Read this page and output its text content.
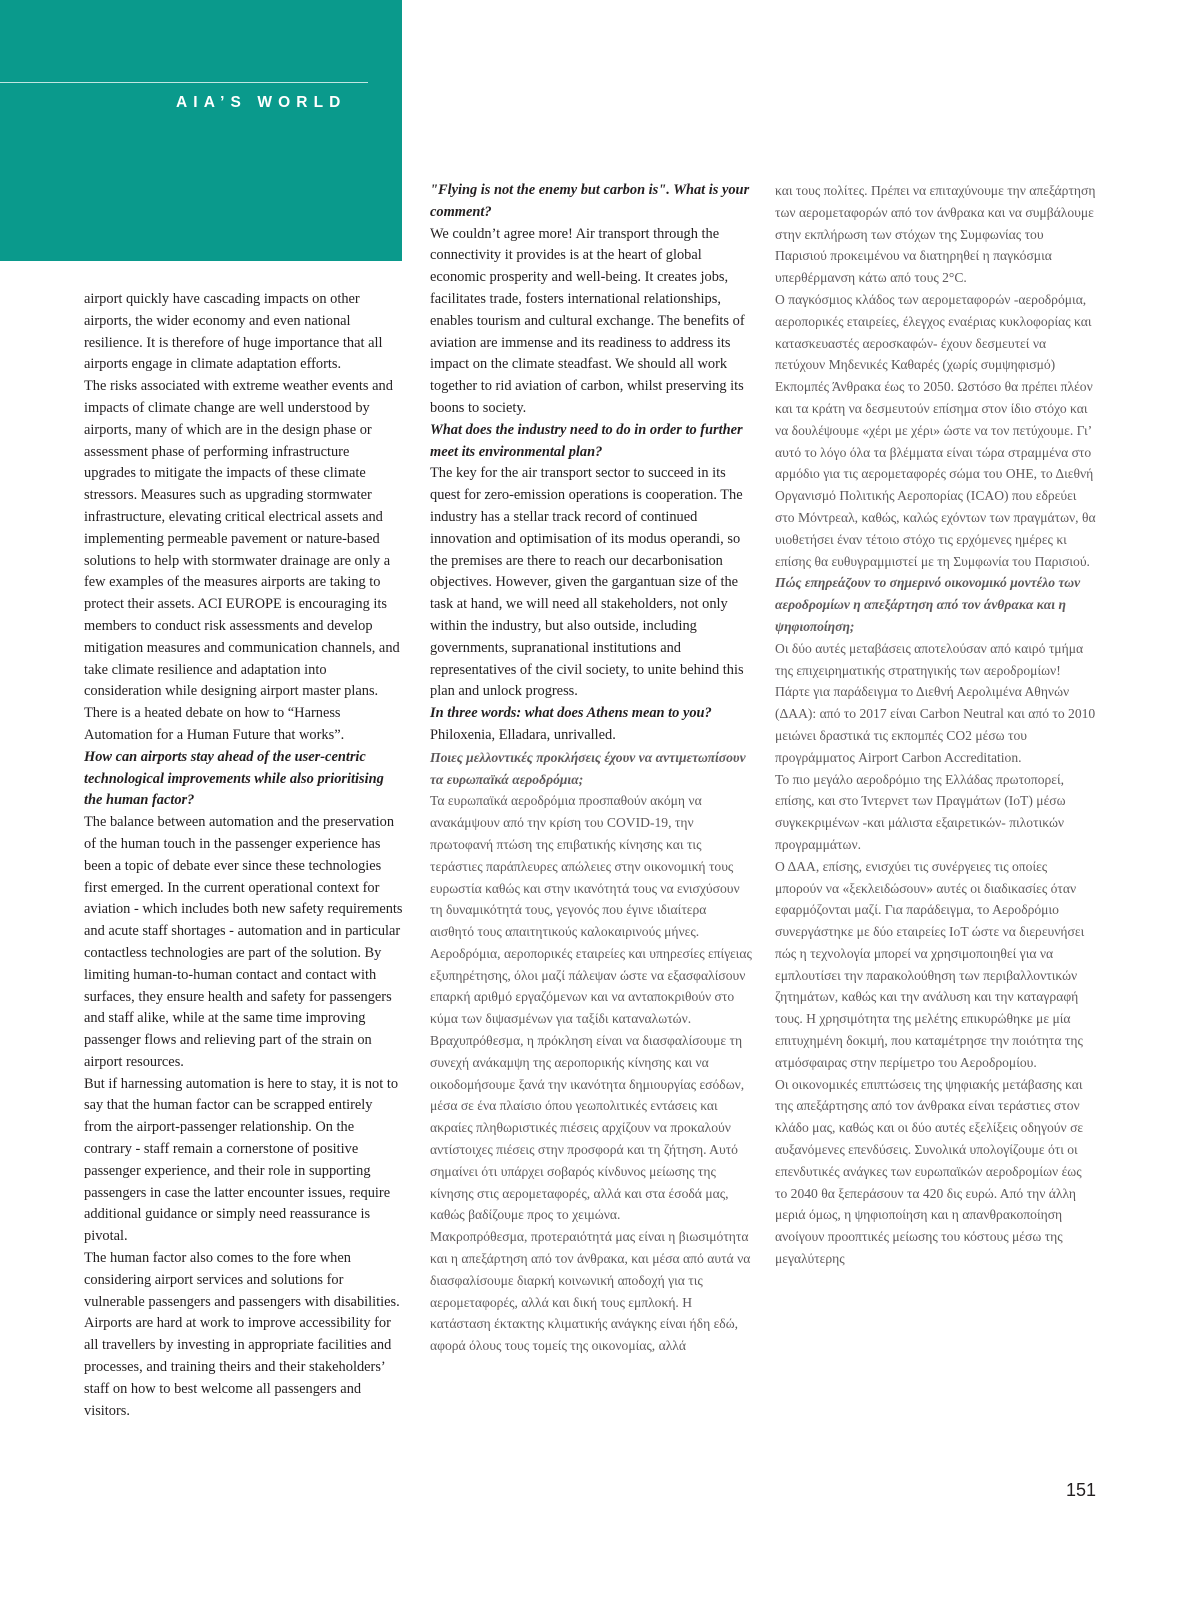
AIA’S WORLD

airport quickly have cascading impacts on other airports, the wider economy and even national resilience. It is therefore of huge importance that all airports engage in climate adaptation efforts.

The risks associated with extreme weather events and impacts of climate change are well understood by airports, many of which are in the design phase or assessment phase of performing infrastructure upgrades to mitigate the impacts of these climate stressors. Measures such as upgrading stormwater infrastructure, elevating critical electrical assets and implementing permeable pavement or nature-based solutions to help with stormwater drainage are only a few examples of the measures airports are taking to protect their assets. ACI EUROPE is encouraging its members to conduct risk assessments and develop mitigation measures and communication channels, and take climate resilience and adaptation into consideration while designing airport master plans.

There is a heated debate on how to “Harness Automation for a Human Future that works”.

How can airports stay ahead of the user-centric technological improvements while also prioritising the human factor?

The balance between automation and the preservation of the human touch in the passenger experience has been a topic of debate ever since these technologies first emerged. In the current operational context for aviation - which includes both new safety requirements and acute staff shortages - automation and in particular contactless technologies are part of the solution. By limiting human-to-human contact and contact with surfaces, they ensure health and safety for passengers and staff alike, while at the same time improving passenger flows and relieving part of the strain on airport resources.

But if harnessing automation is here to stay, it is not to say that the human factor can be scrapped entirely from the airport-passenger relationship. On the contrary - staff remain a cornerstone of positive passenger experience, and their role in supporting passengers in case the latter encounter issues, require additional guidance or simply need reassurance is pivotal.

The human factor also comes to the fore when considering airport services and solutions for vulnerable passengers and passengers with disabilities. Airports are hard at work to improve accessibility for all travellers by investing in appropriate facilities and processes, and training theirs and their stakeholders’ staff on how to best welcome all passengers and visitors.

"Flying is not the enemy but carbon is". What is your comment?

We couldn’t agree more! Air transport through the connectivity it provides is at the heart of global economic prosperity and well-being. It creates jobs, facilitates trade, fosters international relationships, enables tourism and cultural exchange. The benefits of aviation are immense and its readiness to address its impact on the climate steadfast. We should all work together to rid aviation of carbon, whilst preserving its boons to society.

What does the industry need to do in order to further meet its environmental plan?

The key for the air transport sector to succeed in its quest for zero-emission operations is cooperation. The industry has a stellar track record of continued innovation and optimisation of its modus operandi, so the premises are there to reach our decarbonisation objectives. However, given the gargantuan size of the task at hand, we will need all stakeholders, not only within the industry, but also outside, including governments, supranational institutions and representatives of the civil society, to unite behind this plan and unlock progress.

In three words: what does Athens mean to you?

Philoxenia, Elladara, unrivalled.

Ποιες μελλοντικές προκλήσεις έχουν να αντιμετωπίσουν τα ευρωπαϊκά αεροδρόμια;

Τα ευρωπαϊκά αεροδρόμια προσπαθούν ακόμη να ανακάμψουν από την κρίση του COVID-19, την πρωτοφανή πτώση της επιβατικής κίνησης και τις τεράστιες παράπλευρες απώλειες στην οικονομική τους ευρωστία καθώς και στην ικανότητά τους να ενισχύσουν τη δυναμικότητά τους, γεγονός που έγινε ιδιαίτερα αισθητό τους απαιτητικούς καλοκαιρινούς μήνες.

Αεροδρόμια, αεροπορικές εταιρείες και υπηρεσίες επίγειας εξυπηρέτησης, όλοι μαζί πάλεψαν ώστε να εξασφαλίσουν επαρκή αριθμό εργαζόμενων και να ανταποκριθούν στο κύμα των διψασμένων για ταξίδι καταναλωτών.

Βραχυπρόθεσμα, η πρόκληση είναι να διασφαλίσουμε τη συνεχή ανάκαμψη της αεροπορικής κίνησης και να οικοδομήσουμε ξανά την ικανότητα δημιουργίας εσόδων, μέσα σε ένα πλαίσιο όπου γεωπολιτικές εντάσεις και ακραίες πληθωριστικές πιέσεις αρχίζουν να προκαλούν αντίστοιχες πιέσεις στην προσφορά και τη ζήτηση. Αυτό σημαίνει ότι υπάρχει σοβαρός κίνδυνος μείωσης της κίνησης στις αερομεταφορές, αλλά και στα έσοδά μας, καθώς βαδίζουμε προς το χειμώνα.

Μακροπρόθεσμα, προτεραιότητά μας είναι η βιωσιμότητα και η απεξάρτηση από τον άνθρακα, και μέσα από αυτά να διασφαλίσουμε διαρκή κοινωνική αποδοχή για τις αερομεταφορές, αλλά και δική τους εμπλοκή. Η κατάσταση έκτακτης κλιματικής ανάγκης είναι ήδη εδώ, αφορά όλους τους τομείς της οικονομίας, αλλά

και τους πολίτες. Πρέπει να επιταχύνουμε την απεξάρτηση των αερομεταφορών από τον άνθρακα και να συμβάλουμε στην εκπλήρωση των στόχων της Συμφωνίας του Παρισιού προκειμένου να διατηρηθεί η παγκόσμια υπερθέρμανση κάτω από τους 2°C.

Ο παγκόσμιος κλάδος των αερομεταφορών -αεροδρόμια, αεροπορικές εταιρείες, έλεγχος εναέριας κυκλοφορίας και κατασκευαστές αεροσκαφών- έχουν δεσμευτεί να πετύχουν Μηδενικές Καθαρές (χωρίς συμψηφισμό) Εκπομπές Άνθρακα έως το 2050. Ωστόσο θα πρέπει πλέον και τα κράτη να δεσμευτούν επίσημα στον ίδιο στόχο και να δουλέψουμε «χέρι με χέρι» ώστε να τον πετύχουμε. Γι’ αυτό το λόγο όλα τα βλέμματα είναι τώρα στραμμένα στο αρμόδιο για τις αερομεταφορές σώμα του ΟΗΕ, το Διεθνή Οργανισμό Πολιτικής Αεροπορίας (ICAO) που εδρεύει στο Μόντρεαλ, καθώς, καλώς εχόντων των πραγμάτων, θα υιοθετήσει έναν τέτοιο στόχο τις ερχόμενες ημέρες κι επίσης θα ευθυγραμμιστεί με τη Συμφωνία του Παρισιού.

Πώς επηρεάζουν το σημερινό οικονομικό μοντέλο των αεροδρομίων η απεξάρτηση από τον άνθρακα και η ψηφιοποίηση;

Οι δύο αυτές μεταβάσεις αποτελούσαν από καιρό τμήμα της επιχειρηματικής στρατηγικής των αεροδρομίων! Πάρτε για παράδειγμα το Διεθνή Αερολιμένα Αθηνών (ΔΑΑ): από το 2017 είναι Carbon Neutral και από το 2010 μειώνει δραστικά τις εκπομπές CO2 μέσω του προγράμματος Airport Carbon Accreditation.

Το πιο μεγάλο αεροδρόμιο της Ελλάδας πρωτοπορεί, επίσης, και στο Ίντερνετ των Πραγμάτων (IoT) μέσω συγκεκριμένων -και μάλιστα εξαιρετικών- πιλοτικών προγραμμάτων.

Ο ΔΑΑ, επίσης, ενισχύει τις συνέργειες τις οποίες μπορούν να «ξεκλειδώσουν» αυτές οι διαδικασίες όταν εφαρμόζονται μαζί. Για παράδειγμα, το Αεροδρόμιο συνεργάστηκε με δύο εταιρείες IoT ώστε να διερευνήσει πώς η τεχνολογία μπορεί να χρησιμοποιηθεί για να εμπλουτίσει την παρακολούθηση των περιβαλλοντικών ζητημάτων, καθώς και την ανάλυση και την καταγραφή τους. Η χρησιμότητα της μελέτης επικυρώθηκε με μία επιτυχημένη δοκιμή, που καταμέτρησε την ποιότητα της ατμόσφαιρας στην περίμετρο του Αεροδρομίου.

Οι οικονομικές επιπτώσεις της ψηφιακής μετάβασης και της απεξάρτησης από τον άνθρακα είναι τεράστιες στον κλάδο μας, καθώς και οι δύο αυτές εξελίξεις οδηγούν σε αυξανόμενες επενδύσεις. Συνολικά υπολογίζουμε ότι οι επενδυτικές ανάγκες των ευρωπαϊκών αεροδρομίων έως το 2040 θα ξεπεράσουν τα 420 δις ευρώ. Από την άλλη μεριά όμως, η ψηφιοποίηση και η απανθρακοποίηση ανοίγουν προοπτικές μείωσης του κόστους μέσω της μεγαλύτερης

151
